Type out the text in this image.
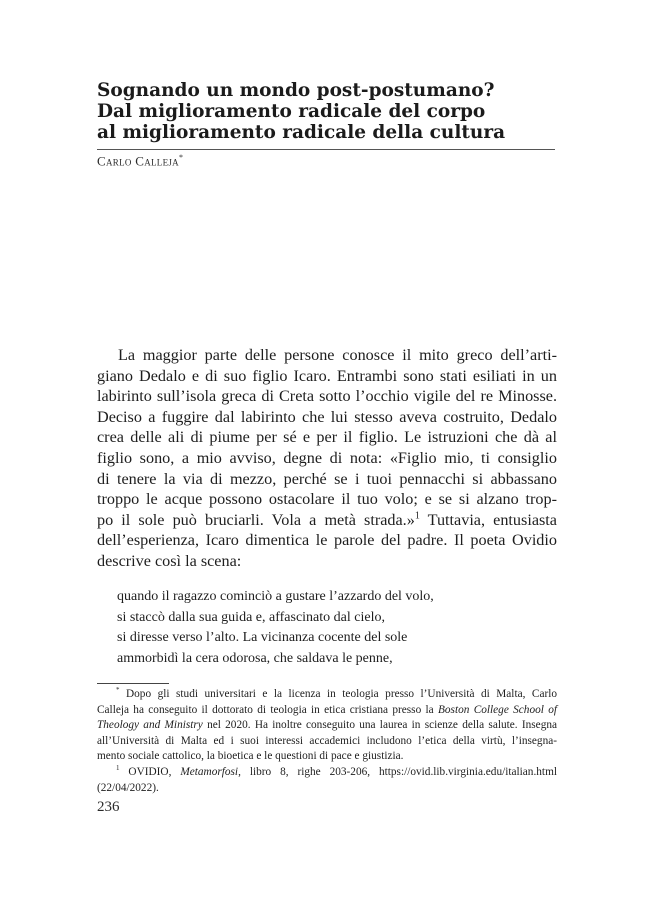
Sognando un mondo post-postumano?
Dal miglioramento radicale del corpo
al miglioramento radicale della cultura
Carlo Calleja*
La maggior parte delle persone conosce il mito greco dell’arti-
giano Dedalo e di suo figlio Icaro. Entrambi sono stati esiliati in un
labirinto sull’isola greca di Creta sotto l’occhio vigile del re Minosse.
Deciso a fuggire dal labirinto che lui stesso aveva costruito, Dedalo
crea delle ali di piume per sé e per il figlio. Le istruzioni che dà al
figlio sono, a mio avviso, degne di nota: «Figlio mio, ti consiglio
di tenere la via di mezzo, perché se i tuoi pennacchi si abbassano
troppo le acque possono ostacolare il tuo volo; e se si alzano trop-
po il sole può bruciarli. Vola a metà strada.»$^1$ Tuttavia, entusiasta
dell’esperienza, Icaro dimentica le parole del padre. Il poeta Ovidio
descrive così la scena:
quando il ragazzo cominciò a gustare l’azzardo del volo,
si staccò dalla sua guida e, affascinato dal cielo,
si diresse verso l’alto. La vicinanza cocente del sole
ammorbidì la cera odorosa, che saldava le penne,
* Dopo gli studi universitari e la licenza in teologia presso l’Università di Malta, Carlo
Calleja ha conseguito il dottorato di teologia in etica cristiana presso la Boston College School of
Theology and Ministry nel 2020. Ha inoltre conseguito una laurea in scienze della salute. Insegna
all’Università di Malta ed i suoi interessi accademici includono l’etica della virtù, l’insegna-
mento sociale cattolico, la bioetica e le questioni di pace e giustizia.
$^1$ OVIDIO, Metamorfosi, libro 8, righe 203-206, https://ovid.lib.virginia.edu/italian.html
(22/04/2022).
236
